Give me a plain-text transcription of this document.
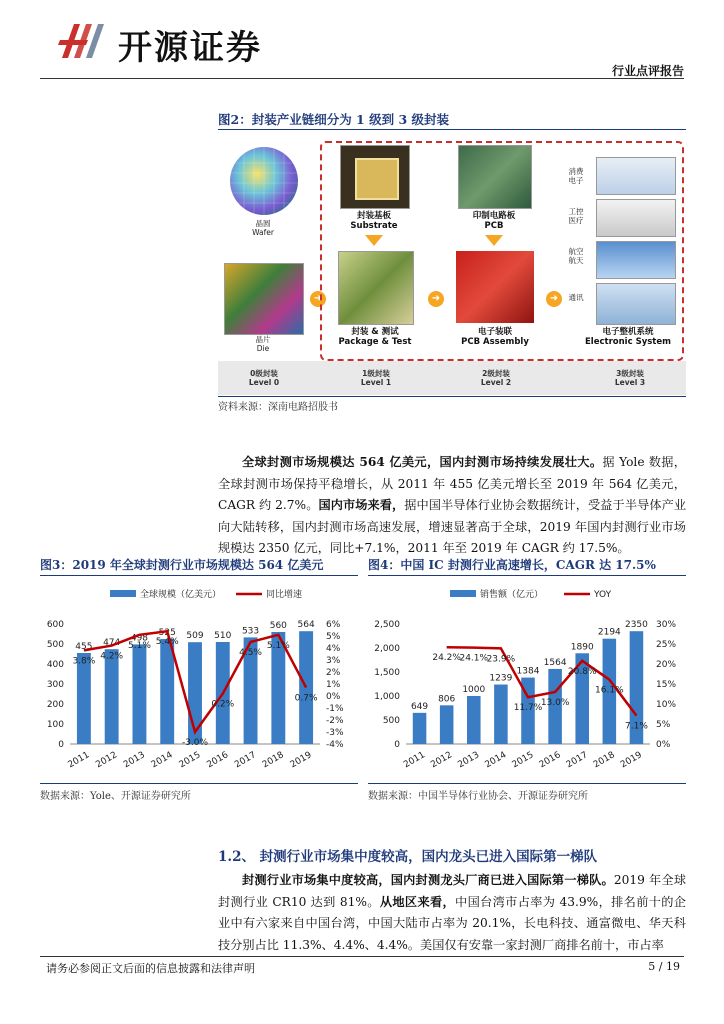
开源证券
行业点评报告
图2：封装产业链细分为 1 级到 3 级封装
晶圆
Wafer
晶片
Die
➜
封装基板
Substrate
封装 & 测试
Package & Test
➜
印制电路板
PCB
电子装联
PCB Assembly
➜
消费
电子
工控
医疗
航空
航天
通讯
电子整机系统
Electronic System
0级封装
Level 0
1级封装
Level 1
2级封装
Level 2
3级封装
Level 3
资料来源：深南电路招股书
全球封测市场规模达 564 亿美元，国内封测市场持续发展壮大。据 Yole 数据，全球封测市场保持平稳增长，从 2011 年 455 亿美元增长至 2019 年 564 亿美元，CAGR 约 2.7%。国内市场来看，据中国半导体行业协会数据统计，受益于半导体产业向大陆转移，国内封测市场高速发展，增速显著高于全球，2019 年国内封测行业市场规模达 2350 亿元，同比+7.1%，2011 年至 2019 年 CAGR 约 17.5%。
图3：2019 年全球封测行业市场规模达 564 亿美元	图4：中国 IC 封测行业高速增长，CAGR 达 17.5%
全球规模（亿美元）	同比增速
0
100
200
300
400
500
600	6%
5%
4%
3%
2%
1%
0%
-1%
-2%
-3%
-4%
455
2011
474
2012
498
2013
525
2014
509
2015
510
2016
533
2017
560
2018
564
2019
3.8% 4.2%
5.1% 5.4%
-3.0%
0.2%
4.5%
5.1%
0.7%
销售额（亿元）	YOY
0
500
1,000
1,500
2,000
2,500	30%
25%
20%
15%
10%
5%
0%
649
2011
806
2012
1000
2013
1239
2014
1384
2015
1564
2016
1890
2017
2194
2018
2350
2019
24.2%
24.1%
23.9%
11.7%
13.0%
20.8%
16.1%
7.1%
数据来源：Yole、开源证券研究所	数据来源：中国半导体行业协会、开源证券研究所
1.2、 封测行业市场集中度较高，国内龙头已进入国际第一梯队
封测行业市场集中度较高，国内封测龙头厂商已进入国际第一梯队。2019 年全球封测行业 CR10 达到 81%。从地区来看，中国台湾市占率为 43.9%，排名前十的企业中有六家来自中国台湾，中国大陆市占率为 20.1%，长电科技、通富微电、华天科技分别占比 11.3%、4.4%、4.4%。美国仅有安靠一家封测厂商排名前十，市占率
请务必参阅正文后面的信息披露和法律声明	5 / 19
